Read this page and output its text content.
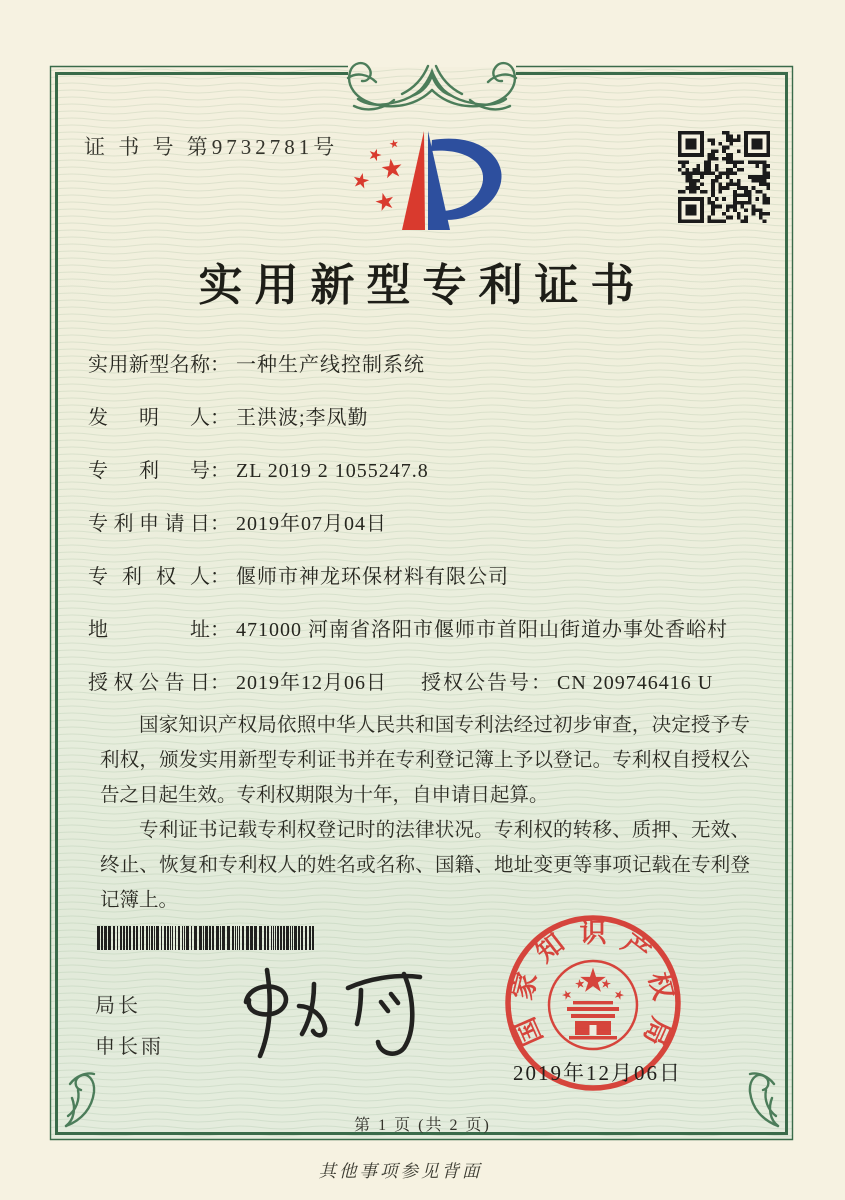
证 书 号 第9732781号
实用新型专利证书
实用新型名称： 一种生产线控制系统
发明人： 王洪波;李凤勤
专利号： ZL 2019 2 1055247.8
专利申请日： 2019年07月04日
专利权人： 偃师市神龙环保材料有限公司
地址： 471000 河南省洛阳市偃师市首阳山街道办事处香峪村
授权公告日： 2019年12月06日 授权公告号： CN 209746416 U

国家知识产权局依照中华人民共和国专利法经过初步审查，决定授予专利权，颁发实用新型专利证书并在专利登记簿上予以登记。专利权自授权公告之日起生效。专利权期限为十年，自申请日起算。

专利证书记载专利权登记时的法律状况。专利权的转移、质押、无效、终止、恢复和专利权人的姓名或名称、国籍、地址变更等事项记载在专利登记簿上。

局长
申长雨	国
家
知 识 产
权
局
2019年12月06日
第 1 页 (共 2 页)
其他事项参见背面
